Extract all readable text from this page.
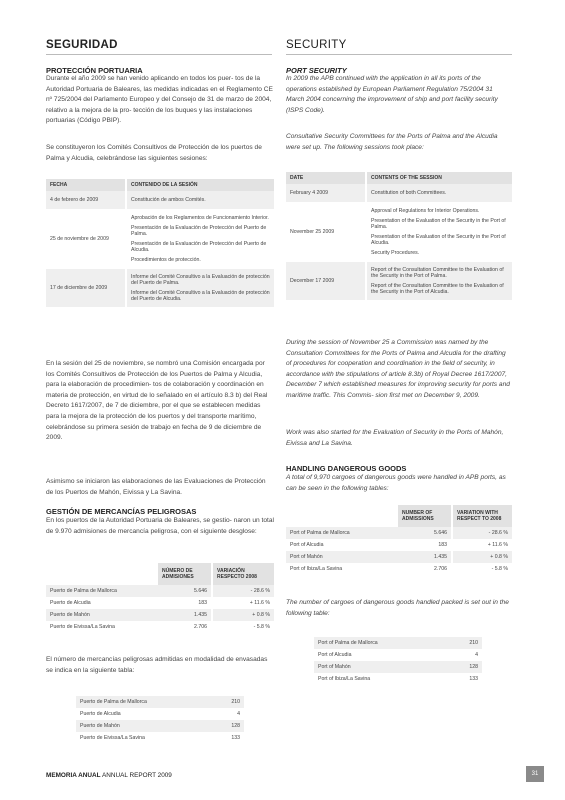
SEGURIDAD
PROTECCIÓN PORTUARIA
Durante el año 2009 se han venido aplicando en todos los puer- tos de la Autoridad Portuaria de Baleares, las medidas indicadas en el Reglamento CE nº 725/2004 del Parlamento Europeo y del Consejo de 31 de marzo de 2004, relativo a la mejora de la pro- tección de los buques y las instalaciones portuarias (Código PBIP).
Se constituyeron los Comités Consultivos de Protección de los puertos de Palma y Alcudia, celebrándose las siguientes sesiones:
FECHA	CONTENIDO DE LA SESIÓN
4 de febrero de 2009	Constitución de ambos Comités.
25 de noviembre de 2009	Aprobación de los Reglamentos de Funcionamiento Interior.
Presentación de la Evaluación de Protección del Puerto de Palma.
Presentación de la Evaluación de Protección del Puerto de Alcudia.
Procedimientos de protección.

17 de diciembre de 2009	Informe del Comité Consultivo a la Evaluación de protección del Puerto de Palma.
Informe del Comité Consultivo a la Evaluación de protección del Puerto de Alcudia.
En la sesión del 25 de noviembre, se nombró una Comisión encargada por los Comités Consultivos de Protección de los Puertos de Palma y Alcudia, para la elaboración de procedimien- tos de colaboración y coordinación en materia de protección, en virtud de lo señalado en el artículo 8.3 b) del Real Decreto 1617/2007, de 7 de diciembre, por el que se establecen medidas para la mejora de la protección de los puertos y del transporte marítimo, celebrándose su primera sesión de trabajo en fecha de 9 de diciembre de 2009.
Asimismo se iniciaron las elaboraciones de las Evaluaciones de Protección de los Puertos de Mahón, Eivissa y La Savina.
GESTIÓN DE MERCANCÍAS PELIGROSAS
En los puertos de la Autoridad Portuaria de Baleares, se gestio- naron un total de 9.970 admisiones de mercancía peligrosa, con el siguiente desglose:
	NÚMERO DE ADMISIONES	VARIACIÓN RESPECTO 2008
Puerto de Palma de Mallorca	5.646	- 28.6 %
Puerto de Alcudia	183	+ 11.6 %
Puerto de Mahón	1.435	+ 0.8 %
Puerto de Eivissa/La Savina	2.706	- 5.8 %
El número de mercancías peligrosas admitidas en modalidad de envasadas se indica en la siguiente tabla:
Puerto de Palma de Mallorca	210
Puerto de Alcudia	4
Puerto de Mahón	128
Puerto de Eivissa/La Savina	133
SECURITY
PORT SECURITY
In 2009 the APB continued with the application in all its ports of the operations established by European Parliament Regulation 75/2004 31 March 2004 concerning the improvement of ship and port facility security (ISPS Code).
Consultative Security Committees for the Ports of Palma and the Alcudia were set up. The following sessions took place:
DATE	CONTENTS OF THE SESSION
February 4 2009	Constitution of both Committees.
November 25 2009	Approval of Regulations for Interior Operations.
Presentation of the Evaluation of the Security in the Port of Palma.
Presentation of the Evaluation of the Security in the Port of Alcudia.
Security Procedures.

December 17 2009	Report of the Consultation Committee to the Evaluation of the Security in the Port of Palma.
Report of the Consultation Committee to the Evaluation of the Security in the Port of Alcudia.
During the session of November 25 a Commission was named by the Consultation Committees for the Ports of Palma and Alcudia for the drafting of procedures for cooperation and coordination in the field of security, in accordance with the stipulations of article 8.3b) of Royal Decree 1617/2007, December 7 which established measures for improving security for ports and maritime traffic. This Commis- sion first met on December 9, 2009.
Work was also started for the Evaluation of Security in the Ports of Mahón, Eivissa and La Savina.
HANDLING DANGEROUS GOODS
A total of 9,970 cargoes of dangerous goods were handled in APB ports, as can be seen in the following tables:
	NUMBER OF ADMISSIONS	VARIATION WITH RESPECT TO 2008
Port of Palma de Mallorca	5.646	- 28.6 %
Port of Alcudia	183	+ 11.6 %
Port of Mahón	1.435	+ 0.8 %
Port of Ibiza/La Savina	2.706	- 5.8 %
The number of cargoes of dangerous goods handled packed is set out in the following table:
Port of Palma de Mallorca	210
Port of Alcudia	4
Port of Mahón	128
Port of Ibiza/La Savina	133
MEMORIA ANUAL ANNUAL REPORT 2009	31
